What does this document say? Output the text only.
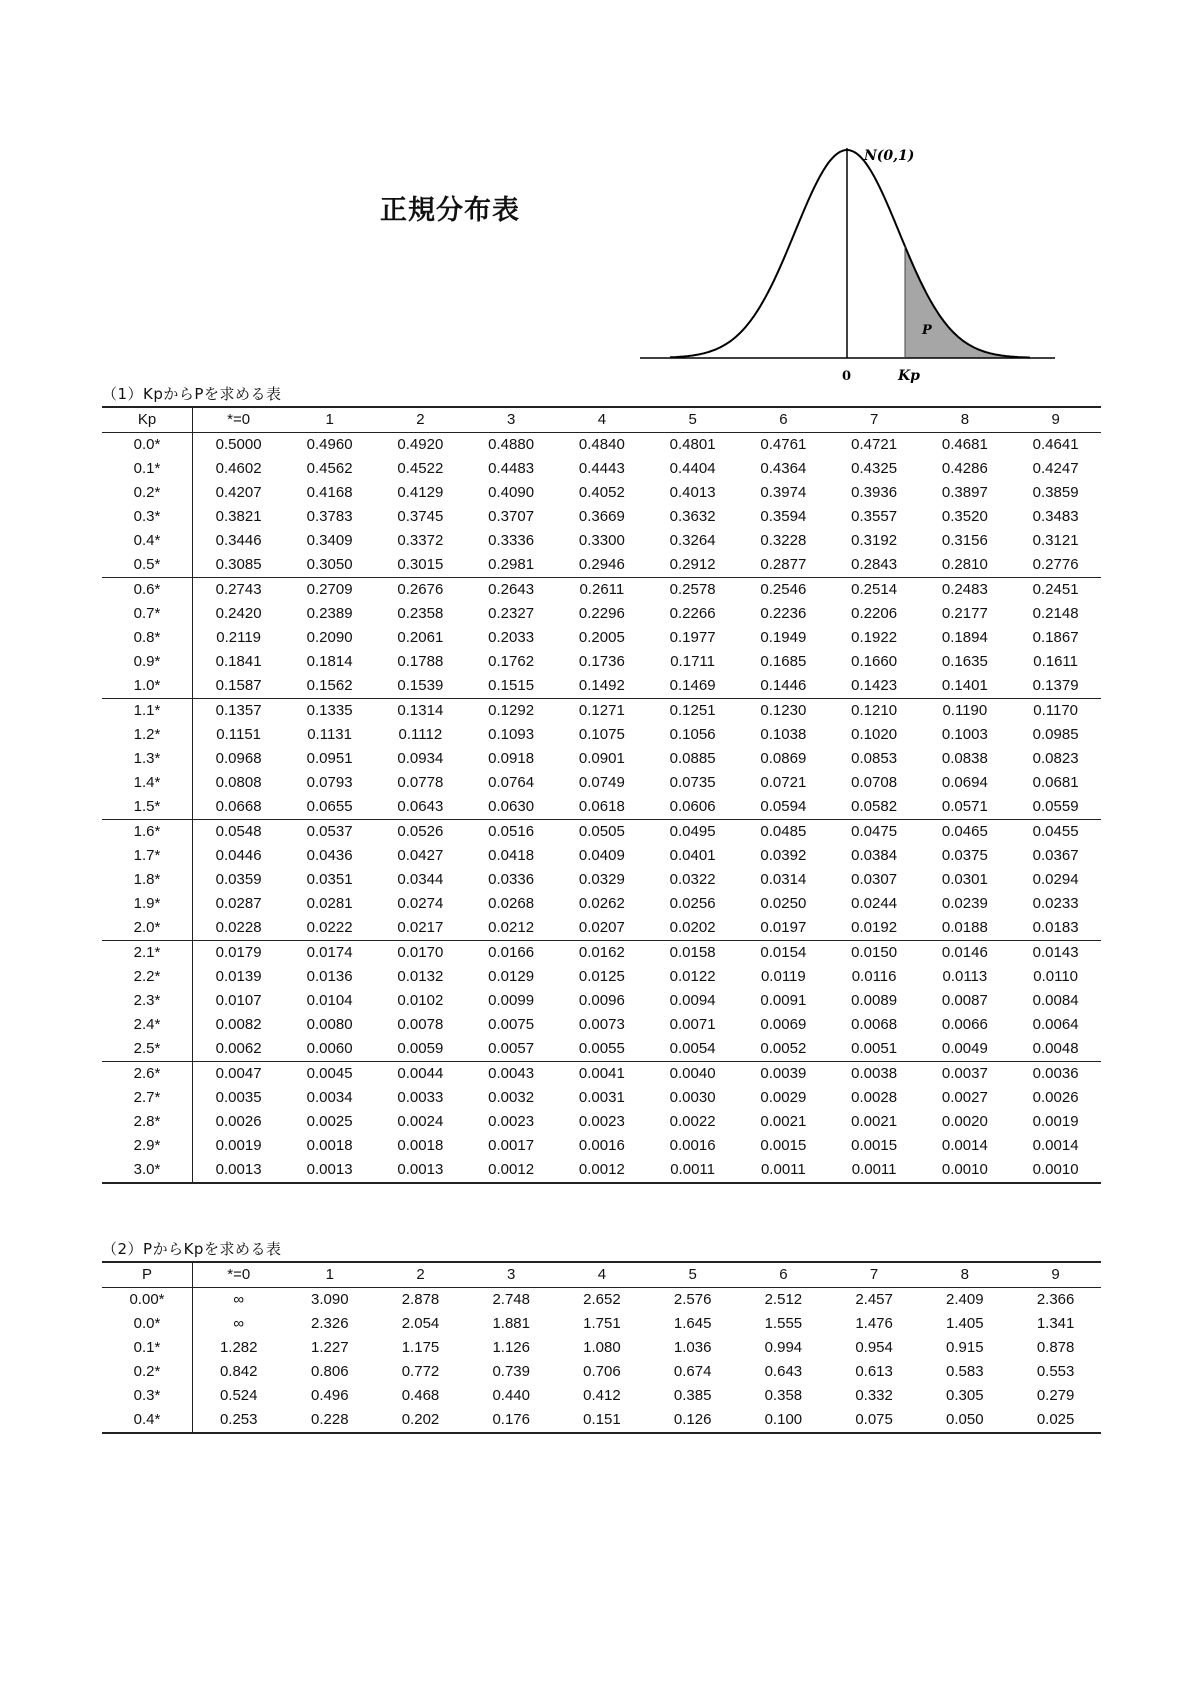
正規分布表
N(0,1)
P
0	Kp
（1）KpからPを求める表
Kp	*=0	1	2	3	4	5	6	7	8	9
0.0*	0.5000	0.4960	0.4920	0.4880	0.4840	0.4801	0.4761	0.4721	0.4681	0.4641
0.1*	0.4602	0.4562	0.4522	0.4483	0.4443	0.4404	0.4364	0.4325	0.4286	0.4247
0.2*	0.4207	0.4168	0.4129	0.4090	0.4052	0.4013	0.3974	0.3936	0.3897	0.3859
0.3*	0.3821	0.3783	0.3745	0.3707	0.3669	0.3632	0.3594	0.3557	0.3520	0.3483
0.4*	0.3446	0.3409	0.3372	0.3336	0.3300	0.3264	0.3228	0.3192	0.3156	0.3121
0.5*	0.3085	0.3050	0.3015	0.2981	0.2946	0.2912	0.2877	0.2843	0.2810	0.2776
0.6*	0.2743	0.2709	0.2676	0.2643	0.2611	0.2578	0.2546	0.2514	0.2483	0.2451
0.7*	0.2420	0.2389	0.2358	0.2327	0.2296	0.2266	0.2236	0.2206	0.2177	0.2148
0.8*	0.2119	0.2090	0.2061	0.2033	0.2005	0.1977	0.1949	0.1922	0.1894	0.1867
0.9*	0.1841	0.1814	0.1788	0.1762	0.1736	0.1711	0.1685	0.1660	0.1635	0.1611
1.0*	0.1587	0.1562	0.1539	0.1515	0.1492	0.1469	0.1446	0.1423	0.1401	0.1379
1.1*	0.1357	0.1335	0.1314	0.1292	0.1271	0.1251	0.1230	0.1210	0.1190	0.1170
1.2*	0.1151	0.1131	0.1112	0.1093	0.1075	0.1056	0.1038	0.1020	0.1003	0.0985
1.3*	0.0968	0.0951	0.0934	0.0918	0.0901	0.0885	0.0869	0.0853	0.0838	0.0823
1.4*	0.0808	0.0793	0.0778	0.0764	0.0749	0.0735	0.0721	0.0708	0.0694	0.0681
1.5*	0.0668	0.0655	0.0643	0.0630	0.0618	0.0606	0.0594	0.0582	0.0571	0.0559
1.6*	0.0548	0.0537	0.0526	0.0516	0.0505	0.0495	0.0485	0.0475	0.0465	0.0455
1.7*	0.0446	0.0436	0.0427	0.0418	0.0409	0.0401	0.0392	0.0384	0.0375	0.0367
1.8*	0.0359	0.0351	0.0344	0.0336	0.0329	0.0322	0.0314	0.0307	0.0301	0.0294
1.9*	0.0287	0.0281	0.0274	0.0268	0.0262	0.0256	0.0250	0.0244	0.0239	0.0233
2.0*	0.0228	0.0222	0.0217	0.0212	0.0207	0.0202	0.0197	0.0192	0.0188	0.0183
2.1*	0.0179	0.0174	0.0170	0.0166	0.0162	0.0158	0.0154	0.0150	0.0146	0.0143
2.2*	0.0139	0.0136	0.0132	0.0129	0.0125	0.0122	0.0119	0.0116	0.0113	0.0110
2.3*	0.0107	0.0104	0.0102	0.0099	0.0096	0.0094	0.0091	0.0089	0.0087	0.0084
2.4*	0.0082	0.0080	0.0078	0.0075	0.0073	0.0071	0.0069	0.0068	0.0066	0.0064
2.5*	0.0062	0.0060	0.0059	0.0057	0.0055	0.0054	0.0052	0.0051	0.0049	0.0048
2.6*	0.0047	0.0045	0.0044	0.0043	0.0041	0.0040	0.0039	0.0038	0.0037	0.0036
2.7*	0.0035	0.0034	0.0033	0.0032	0.0031	0.0030	0.0029	0.0028	0.0027	0.0026
2.8*	0.0026	0.0025	0.0024	0.0023	0.0023	0.0022	0.0021	0.0021	0.0020	0.0019
2.9*	0.0019	0.0018	0.0018	0.0017	0.0016	0.0016	0.0015	0.0015	0.0014	0.0014
3.0*	0.0013	0.0013	0.0013	0.0012	0.0012	0.0011	0.0011	0.0011	0.0010	0.0010
（2）PからKpを求める表
P	*=0	1	2	3	4	5	6	7	8	9
0.00*	∞	3.090	2.878	2.748	2.652	2.576	2.512	2.457	2.409	2.366
0.0*	∞	2.326	2.054	1.881	1.751	1.645	1.555	1.476	1.405	1.341
0.1*	1.282	1.227	1.175	1.126	1.080	1.036	0.994	0.954	0.915	0.878
0.2*	0.842	0.806	0.772	0.739	0.706	0.674	0.643	0.613	0.583	0.553
0.3*	0.524	0.496	0.468	0.440	0.412	0.385	0.358	0.332	0.305	0.279
0.4*	0.253	0.228	0.202	0.176	0.151	0.126	0.100	0.075	0.050	0.025
